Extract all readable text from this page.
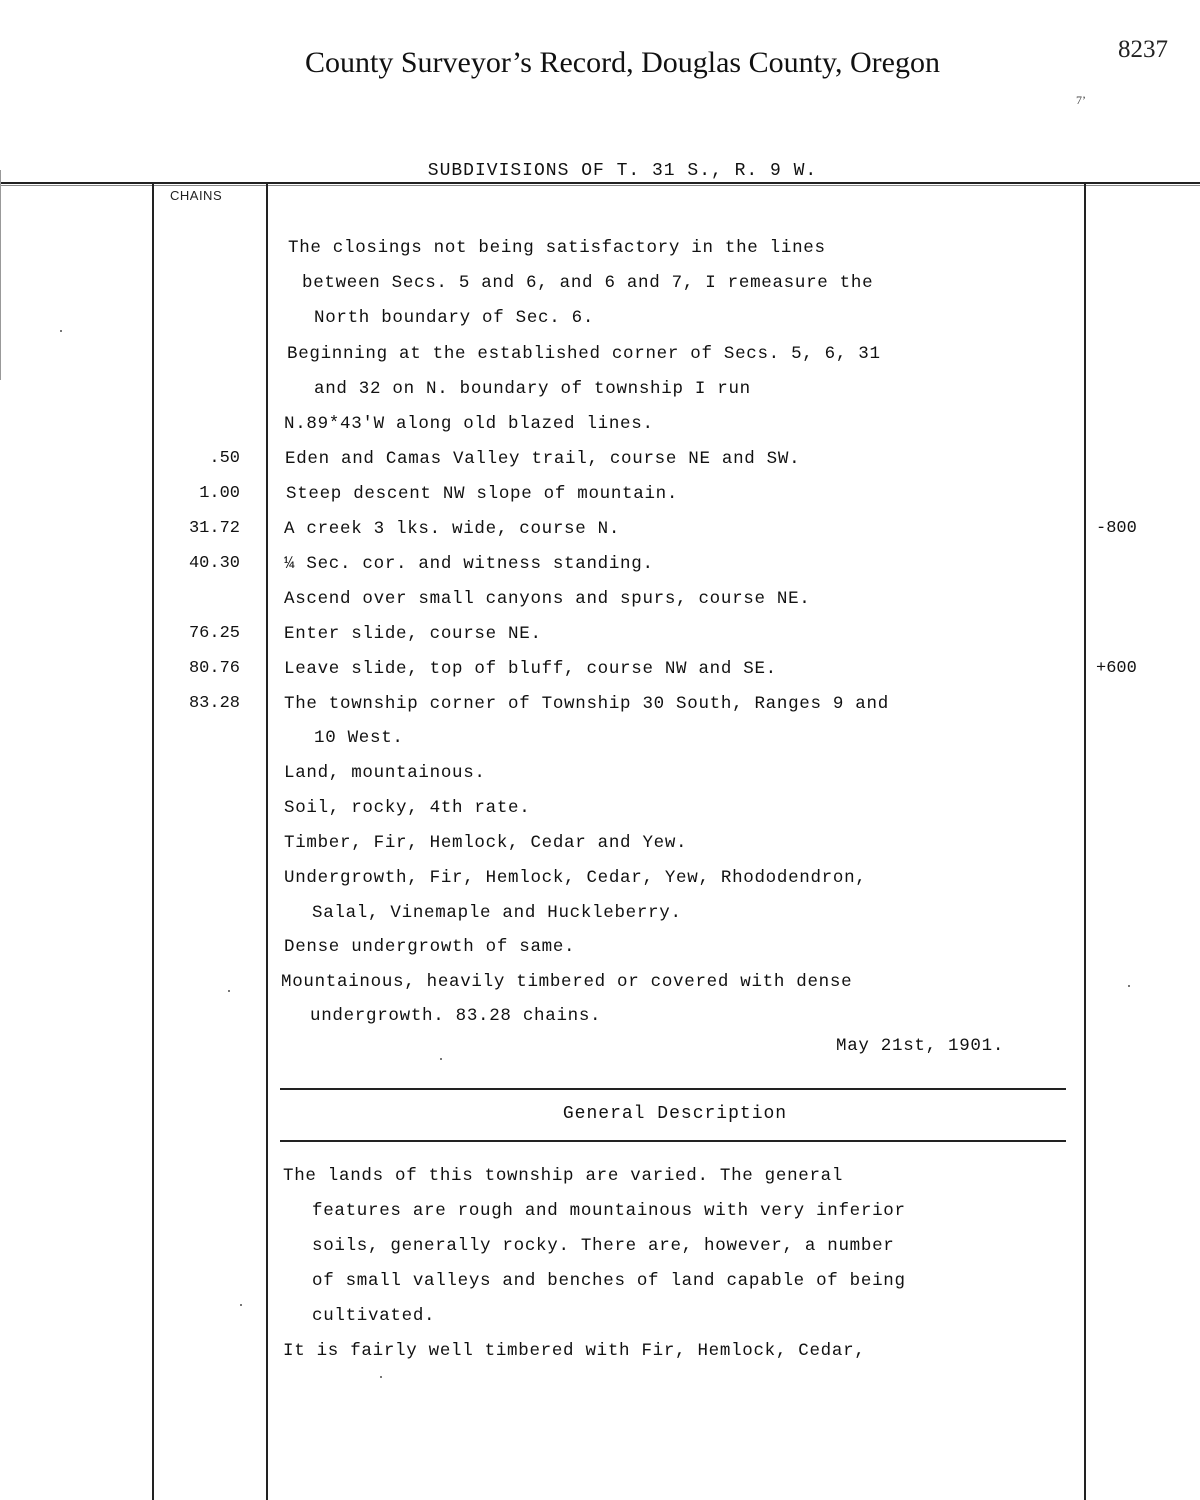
County Surveyor’s Record, Douglas County, Oregon	8237
7’
SUBDIVISIONS OF T. 31 S., R. 9 W.
CHAINS
The closings not being satisfactory in the lines
between Secs. 5 and 6, and 6 and 7, I remeasure the
North boundary of Sec. 6.
Beginning at the established corner of Secs. 5, 6, 31
and 32 on N. boundary of township I run
N.89*43'W along old blazed lines.
.50	Eden and Camas Valley trail, course NE and SW.
1.00	Steep descent NW slope of mountain.
31.72	A creek 3 lks. wide, course N.	-800
40.30	¼ Sec. cor. and witness standing.
Ascend over small canyons and spurs, course NE.
76.25	Enter slide, course NE.
80.76	Leave slide, top of bluff, course NW and SE.	+600
83.28	The township corner of Township 30 South, Ranges 9 and
10 West.
Land, mountainous.
Soil, rocky, 4th rate.
Timber, Fir, Hemlock, Cedar and Yew.
Undergrowth, Fir, Hemlock, Cedar, Yew, Rhododendron,
Salal, Vinemaple and Huckleberry.
Dense undergrowth of same.
Mountainous, heavily timbered or covered with dense
undergrowth. 83.28 chains.
May 21st, 1901.
General Description
The lands of this township are varied. The general
features are rough and mountainous with very inferior
soils, generally rocky. There are, however, a number
of small valleys and benches of land capable of being
cultivated.
It is fairly well timbered with Fir, Hemlock, Cedar,
